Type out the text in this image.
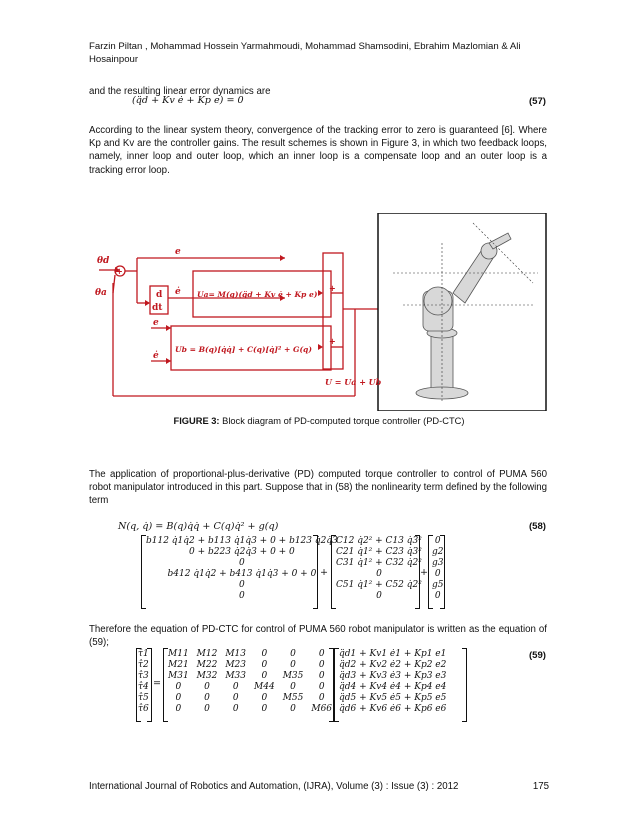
Farzin Piltan , Mohammad Hossein Yarmahmoudi, Mohammad Shamsodini, Ebrahim Mazlomian & Ali Hosainpour
and the resulting linear error dynamics are
(q̈d + Kv ė + Kp e) = 0	(57)
According to the linear system theory, convergence of the tracking error to zero is guaranteed [6]. Where Kp and Kv are the controller gains. The result schemes is shown in Figure 3, in which two feedback loops, namely, inner loop and outer loop, which an inner loop is a compensate loop and an outer loop is a tracking error loop.
θd
θa
+
e
ė
e
ė
d
dt
Ua= M(q)(q̈d + Kv ė + Kp e)
Ub = B(q)[q̇q̇] + C(q)[q̇]² + G(q)
+
+
U = Ua + Ub
FIGURE 3: Block diagram of PD-computed torque controller (PD-CTC)
The application of proportional-plus-derivative (PD) computed torque controller to control of PUMA 560 robot manipulator introduced in this part. Suppose that in (58) the nonlinearity term defined by the following term
N(q, q̇) = B(q)q̇q̇ + C(q)q̇² + g(q)	(58)
b112 q̇1q̇2 + b113 q̇1q̇3 + 0 + b123 q̇2q̇3
0 + b223 q̇2q̇3 + 0 + 0
0
b412 q̇1q̇2 + b413 q̇1q̇3 + 0 + 0
0
0
+
C12 q̇2² + C13 q̇3²
C21 q̇1² + C23 q̇3²
C31 q̇1² + C32 q̇2²
0
C51 q̇1² + C52 q̇2²
0
+
0
g2
g3
0
g5
0
Therefore the equation of PD-CTC for control of PUMA 560 robot manipulator is written as the equation of (59);
(59)
τ̂1
τ̂2
τ̂3
τ̂4
τ̂5
τ̂6
=
M11	M12	M13	0	0	0
M21	M22	M23	0	0	0
M31	M32	M33	0	M35	0
0	0	0	M44	0	0
0	0	0	0	M55	0
0	0	0	0	0	M66
q̈d1 + Kv1 ė1 + Kp1 e1
q̈d2 + Kv2 ė2 + Kp2 e2
q̈d3 + Kv3 ė3 + Kp3 e3
q̈d4 + Kv4 ė4 + Kp4 e4
q̈d5 + Kv5 ė5 + Kp5 e5
q̈d6 + Kv6 ė6 + Kp6 e6
International Journal of Robotics and Automation, (IJRA), Volume (3) : Issue (3) : 2012	175
